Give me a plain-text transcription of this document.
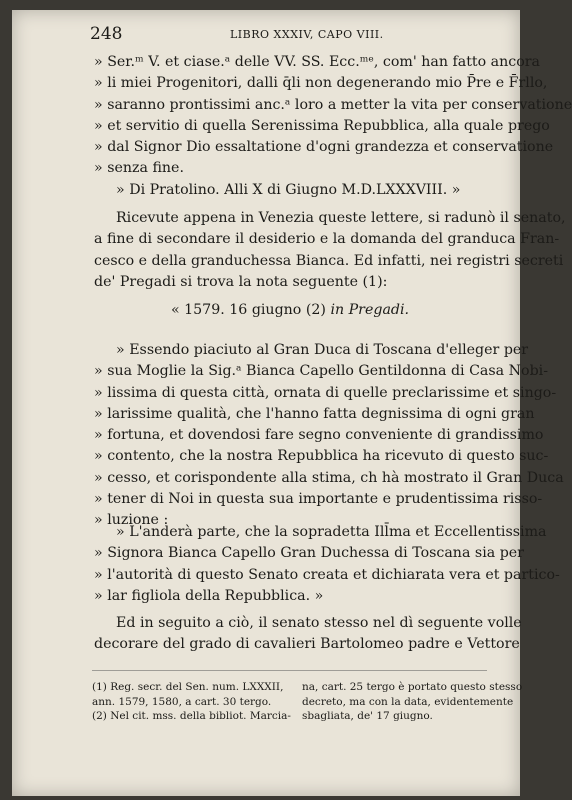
248	LIBRO XXXIV, CAPO VIII.
» Ser.ᵐ V. et ciase.ᵃ delle VV. SS. Ecc.ᵐᵉ, com' han fatto ancora
» li miei Progenitori, dalli q̄li non degenerando mio P̄re e F̄rllo,
» saranno prontissimi anc.ᵃ loro a metter la vita per conservatione
» et servitio di quella Serenissima Repubblica, alla quale prego
» dal Signor Dio essaltatione d'ogni grandezza et conservatione
» senza fine.
» Di Pratolino. Alli X di Giugno M.D.LXXXVIII. »
Ricevute appena in Venezia queste lettere, si radunò il senato,
a fine di secondare il desiderio e la domanda del granduca Fran-
cesco e della granduchessa Bianca. Ed infatti, nei registri secreti
de' Pregadi si trova la nota seguente (1):
« 1579. 16 giugno (2) in Pregadi.
» Essendo piaciuto al Gran Duca di Toscana d'elleger per
» sua Moglie la Sig.ᵃ Bianca Capello Gentildonna di Casa Nobi-
» lissima di questa città, ornata di quelle preclarissime et singo-
» larissime qualità, che l'hanno fatta degnissima di ogni gran
» fortuna, et dovendosi fare segno conveniente di grandissimo
» contento, che la nostra Repubblica ha ricevuto di questo suc-
» cesso, et corispondente alla stima, ch hà mostrato il Gran Duca
» tener di Noi in questa sua importante e prudentissima risso-
» luzione :
» L'anderà parte, che la sopradetta Ill̄ma et Eccellentissima
» Signora Bianca Capello Gran Duchessa di Toscana sia per
» l'autorità di questo Senato creata et dichiarata vera et partico-
» lar figliola della Repubblica. »
Ed in seguito a ciò, il senato stesso nel dì seguente volle
decorare del grado di cavalieri Bartolomeo padre e Vettore
(1) Reg. secr. del Sen. num. LXXXII,
ann. 1579, 1580, a cart. 30 tergo.
(2) Nel cit. mss. della bibliot. Marcia-
na, cart. 25 tergo è portato questo stesso
decreto, ma con la data, evidentemente
sbagliata, de' 17 giugno.
